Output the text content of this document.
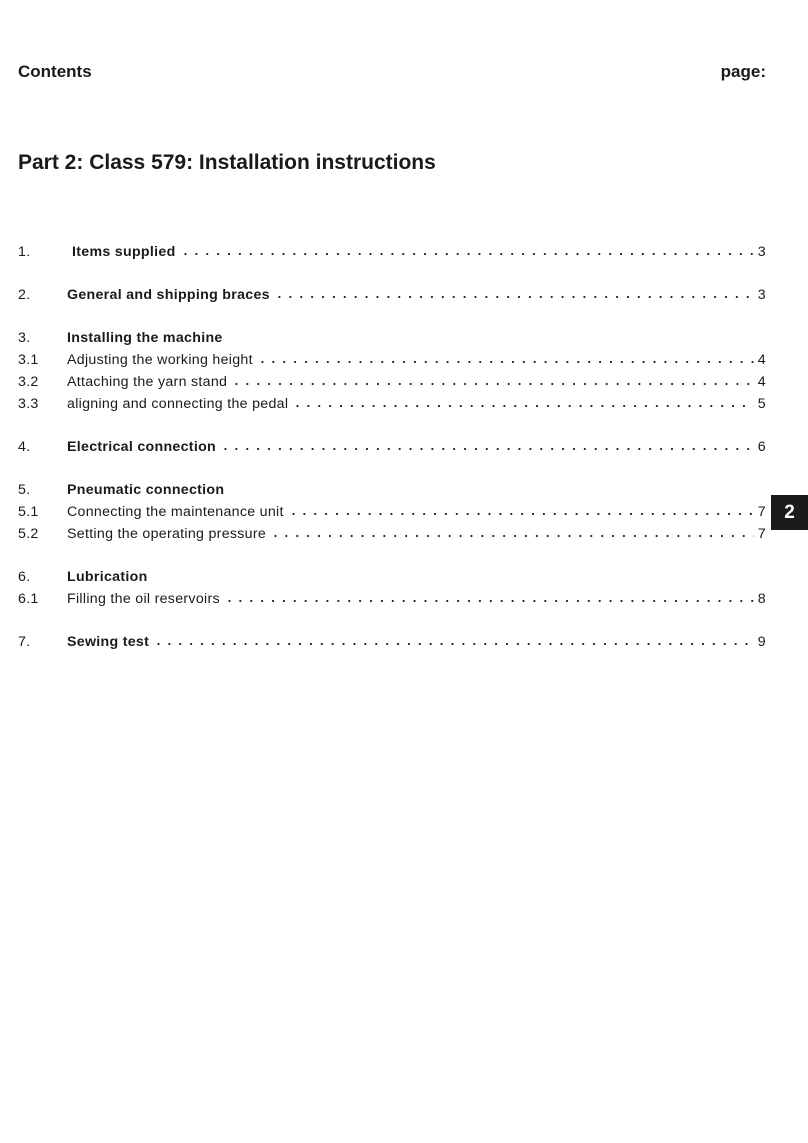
Contents	page:
Part 2: Class 579: Installation instructions
1.	Items supplied	3
2.	General and shipping braces	3
3.	Installing the machine
3.1	Adjusting the working height	4
3.2	Attaching the yarn stand	4
3.3	aligning and connecting the pedal	5
4.	Electrical connection	6
5.	Pneumatic connection
5.1	Connecting the maintenance unit	7
5.2	Setting the operating pressure	7
6.	Lubrication
6.1	Filling the oil reservoirs	8
7.	Sewing test	9
2
